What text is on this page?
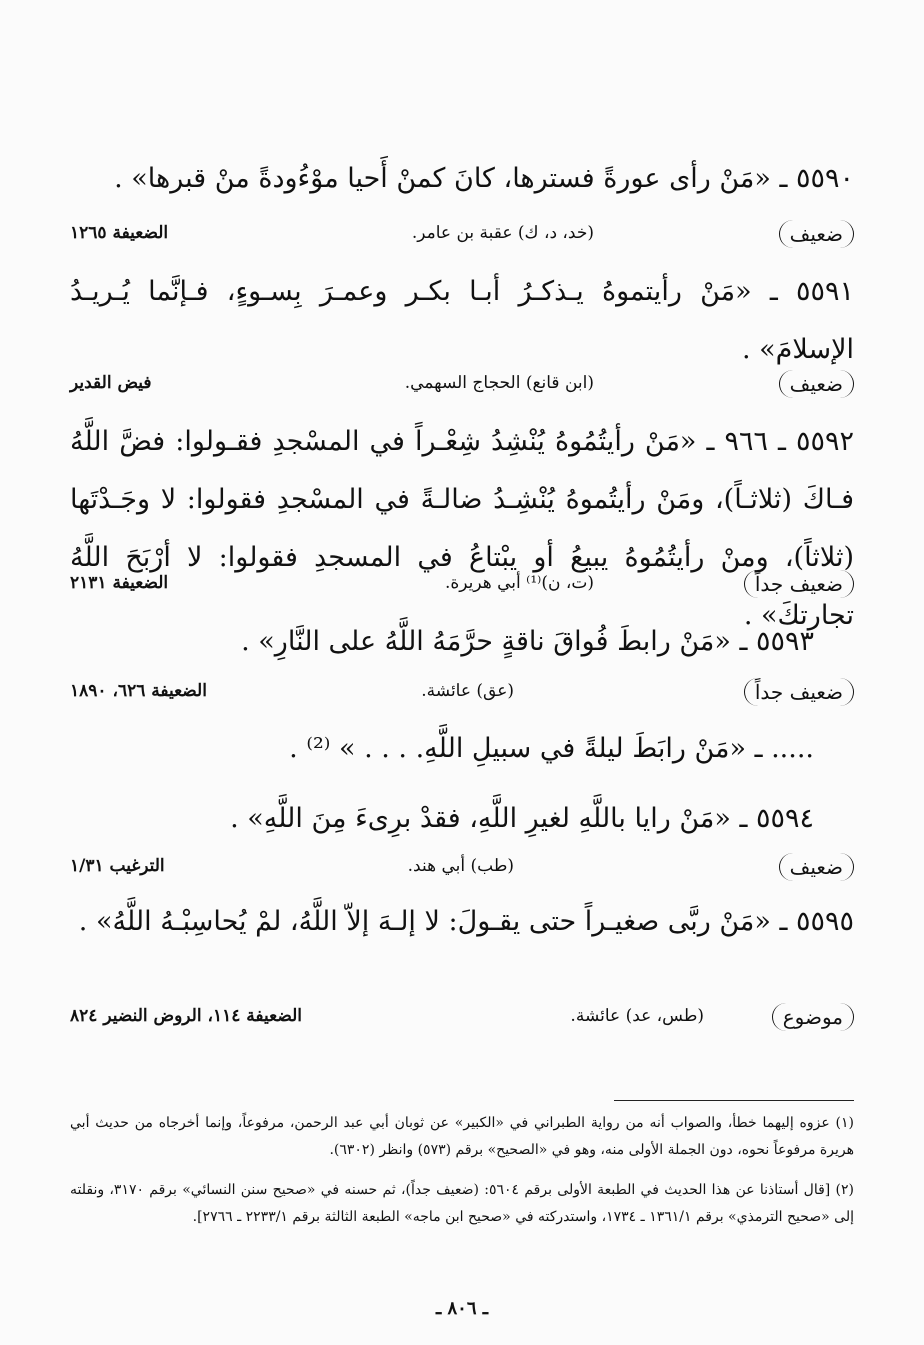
٥٥٩٠ ـ «مَنْ رأى عورةً فسترها، كانَ كمنْ أَحيا موْءُودةً منْ قبرها» .
ضعيف
(خد، د، ك) عقبة بن عامر.
الضعيفة ١٢٦٥
٥٥٩١ ـ «مَنْ رأيتموهُ يـذكـرُ أبـا بكـر وعمـرَ بِسـوءٍ، فـإنَّما يُـريـدُ الإسلامَ» .
ضعيف
(ابن قانع) الحجاج السهمي.
فيض القدير
٥٥٩٢ ـ ٩٦٦ ـ «مَنْ رأيتُمُوهُ يُنْشِدُ شِعْـراً في المسْجدِ فقـولوا: فضَّ اللَّهُ فـاكَ (ثلاثـاً)، ومَنْ رأيتُموهُ يُنْشِـدُ ضالـةً في المسْجدِ فقولوا: لا وجَـدْتَها (ثلاثاً)، ومنْ رأيتُمُوهُ يبيعُ أو يبْتاعُ في المسجدِ فقولوا: لا أرْبَحَ اللَّهُ تجارتكَ» .
ضعيف جداً
(ت، ن)⁽¹⁾ أبي هريرة.
الضعيفة ٢١٣١
٥٥٩٣ ـ «مَنْ رابطَ فُواقَ ناقةٍ حرَّمَهُ اللَّهُ على النَّارِ» .
ضعيف جداً
(عق) عائشة.
الضعيفة ٦٢٦، ١٨٩٠
..... ـ «مَنْ رابَطَ ليلةً في سبيلِ اللَّهِ. . . . » ⁽²⁾ .
٥٥٩٤ ـ «مَنْ رايا باللَّهِ لغيرِ اللَّهِ، فقدْ برِىءَ مِنَ اللَّهِ» .
ضعيف
(طب) أبي هند.
الترغيب ١/٣١
٥٥٩٥ ـ «مَنْ ربَّى صغيـراً حتى يقـولَ: لا إلـهَ إلاّ اللَّهُ، لمْ يُحاسِبْـهُ اللَّهُ» .
موضوع
(طس، عد) عائشة.
الضعيفة ١١٤، الروض النضير ٨٢٤
(١) عزوه إليهما خطأ، والصواب أنه من رواية الطبراني في «الكبير» عن ثوبان أبي عبد الرحمن، مرفوعاً، وإنما أخرجاه من حديث أبي هريرة مرفوعاً نحوه، دون الجملة الأولى منه، وهو في «الصحيح» برقم (٥٧٣) وانظر (٦٣٠٢).
(٢) [قال أستاذنا عن هذا الحديث في الطبعة الأولى برقم ٥٦٠٤: (ضعيف جداً)، ثم حسنه في «صحيح سنن النسائي» برقم ٣١٧٠، ونقلته إلى «صحيح الترمذي» برقم ١٣٦١/١ ـ ١٧٣٤، واستدركته في «صحيح ابن ماجه» الطبعة الثالثة برقم ٢٢٣٣/١ ـ ٢٧٦٦].
ـ ٨٠٦ ـ
